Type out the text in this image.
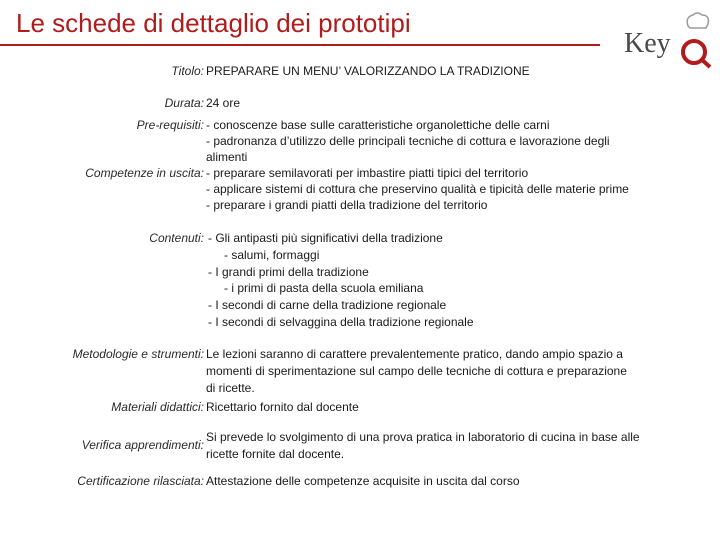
Le schede di dettaglio dei prototipi
Key
Titolo: PREPARARE UN MENU’ VALORIZZANDO LA TRADIZIONE
Durata: 24 ore
Pre-requisiti: - conoscenze base sulle caratteristiche organolettiche delle carni
- padronanza d’utilizzo delle principali tecniche di cottura e lavorazione degli
alimenti
Competenze in uscita: - preparare semilavorati per imbastire piatti tipici del territorio
- applicare sistemi di cottura che preservino qualità e tipicità delle materie prime
- preparare i grandi piatti della tradizione del territorio
Contenuti: - Gli antipasti più significativi della tradizione
- salumi, formaggi
- I grandi primi della tradizione
- i primi di pasta della scuola emiliana
- I secondi di carne della tradizione regionale
- I secondi di selvaggina della tradizione regionale
Metodologie e strumenti: Le lezioni saranno di carattere prevalentemente pratico, dando ampio spazio a
momenti di sperimentazione sul campo delle tecniche di cottura e preparazione
di ricette.
Materiali didattici: Ricettario fornito dal docente
Verifica apprendimenti:
Si prevede lo svolgimento di una prova pratica in laboratorio di cucina in base alle
ricette fornite dal docente.
Certificazione rilasciata: Attestazione delle competenze acquisite in uscita dal corso
